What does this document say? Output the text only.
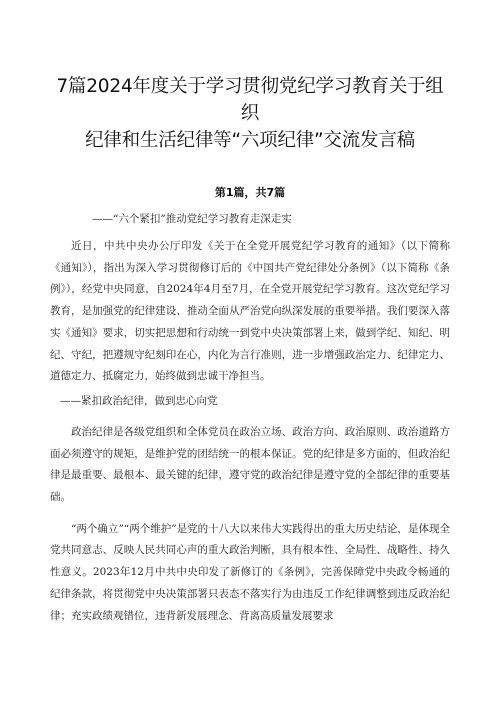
7篇2024年度关于学习贯彻党纪学习教育关于组织
纪律和生活纪律等“六项纪律”交流发言稿

第1篇，共7篇

——“六个紧扣”推动党纪学习教育走深走实

近日，中共中央办公厅印发《关于在全党开展党纪学习教育的通知》（以下简称《通知》），指出为深入学习贯彻修订后的《中国共产党纪律处分条例》（以下简称《条例》），经党中央同意，自2024年4月至7月，在全党开展党纪学习教育。这次党纪学习教育，是加强党的纪律建设、推动全面从严治党向纵深发展的重要举措。我们要深入落实《通知》要求，切实把思想和行动统一到党中央决策部署上来，做到学纪、知纪、明纪、守纪，把遵规守纪刻印在心，内化为言行准则，进一步增强政治定力、纪律定力、道德定力、抵腐定力，始终做到忠诚干净担当。

——紧扣政治纪律，做到忠心向党

政治纪律是各级党组织和全体党员在政治立场、政治方向、政治原则、政治道路方面必须遵守的规矩，是维护党的团结统一的根本保证。党的纪律是多方面的，但政治纪律是最重要、最根本、最关键的纪律，遵守党的政治纪律是遵守党的全部纪律的重要基础。

“两个确立”“两个维护”是党的十八大以来伟大实践得出的重大历史结论，是体现全党共同意志、反映人民共同心声的重大政治判断，具有根本性、全局性、战略性、持久性意义。2023年12月中共中央印发了新修订的《条例》，完善保障党中央政令畅通的纪律条款，将贯彻党中央决策部署只表态不落实行为由违反工作纪律调整到违反政治纪律；充实政绩观错位，违背新发展理念、背离高质量发展要求
